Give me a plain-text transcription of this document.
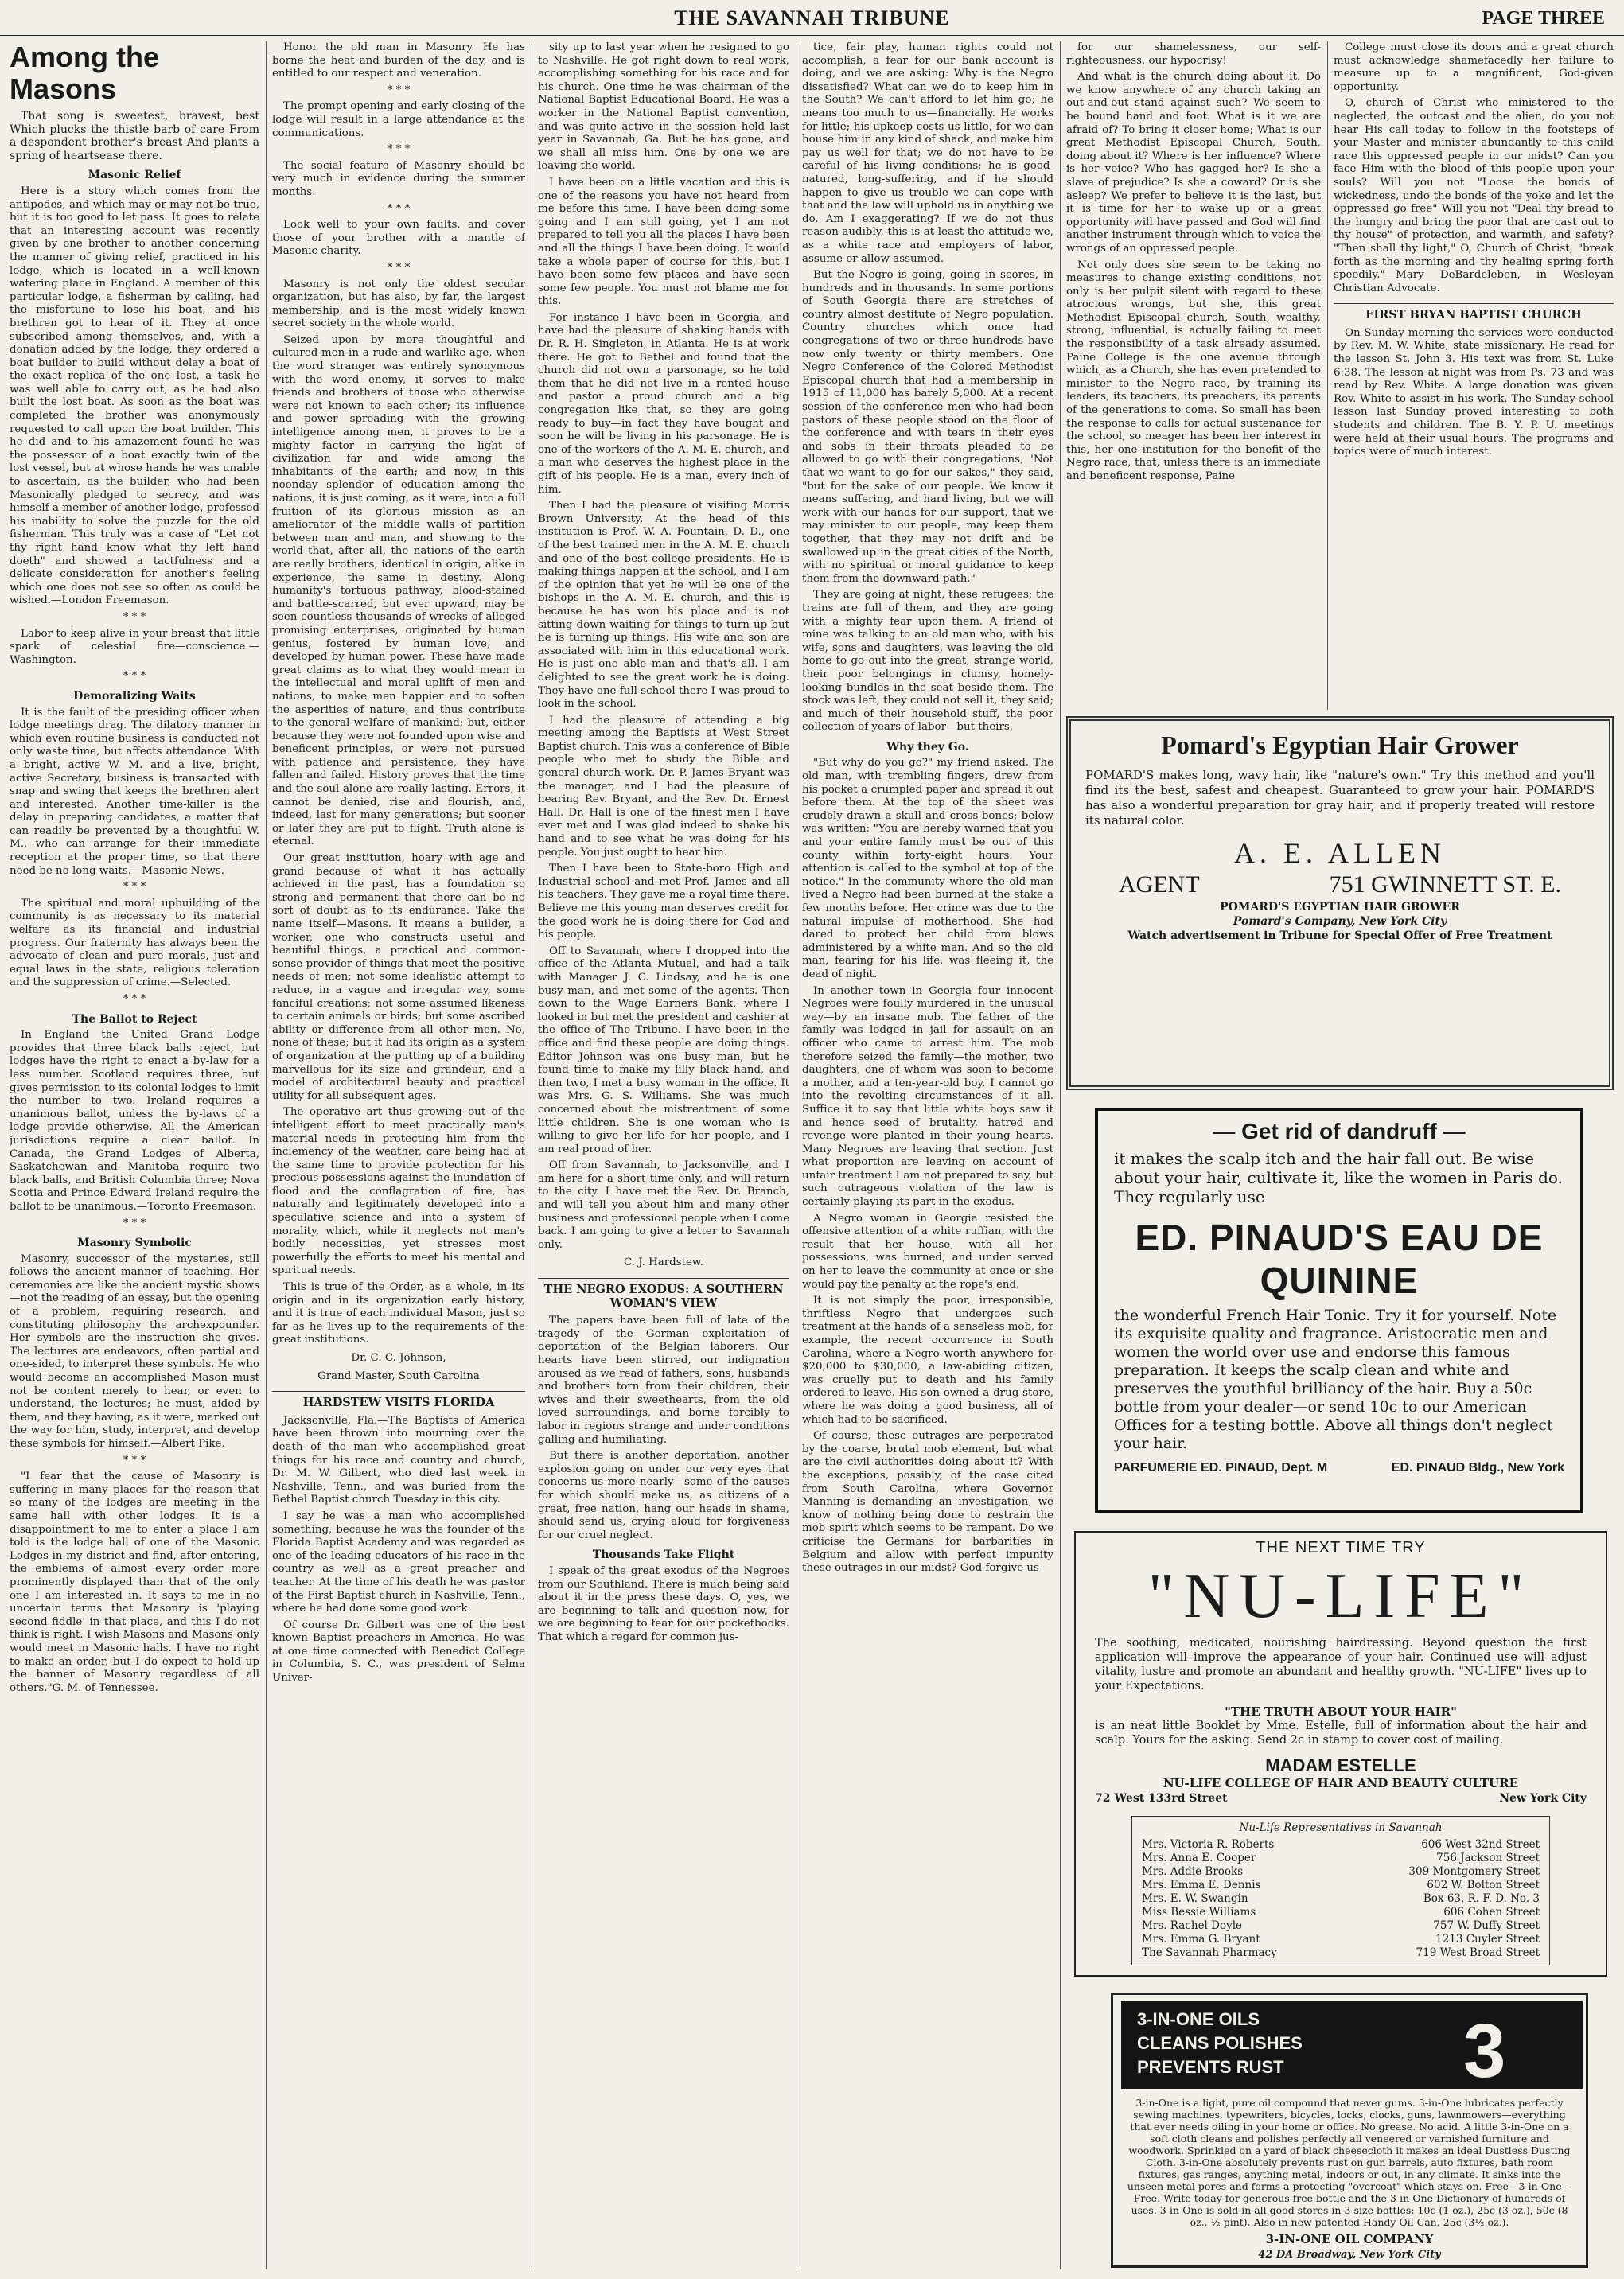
THE SAVANNAH TRIBUNE	PAGE THREE
Among the Masons

That song is sweetest, bravest, best Which plucks the thistle barb of care From a despondent brother's breast And plants a spring of heartsease there.

Masonic Relief

Here is a story which comes from the antipodes, and which may or may not be true, but it is too good to let pass. It goes to relate that an interesting account was recently given by one brother to another concerning the manner of giving relief, practiced in his lodge, which is located in a well-known watering place in England. A member of this particular lodge, a fisherman by calling, had the misfortune to lose his boat, and his brethren got to hear of it. They at once subscribed among themselves, and, with a donation added by the lodge, they ordered a boat builder to build without delay a boat of the exact replica of the one lost, a task he was well able to carry out, as he had also built the lost boat. As soon as the boat was completed the brother was anonymously requested to call upon the boat builder. This he did and to his amazement found he was the possessor of a boat exactly twin of the lost vessel, but at whose hands he was unable to ascertain, as the builder, who had been Masonically pledged to secrecy, and was himself a member of another lodge, professed his inability to solve the puzzle for the old fisherman. This truly was a case of "Let not thy right hand know what thy left hand doeth" and showed a tactfulness and a delicate consideration for another's feeling which one does not see so often as could be wished.—London Freemason.

* * *

Labor to keep alive in your breast that little spark of celestial fire—conscience.—Washington.

* * *
Demoralizing Waits

It is the fault of the presiding officer when lodge meetings drag. The dilatory manner in which even routine business is conducted not only waste time, but affects attendance. With a bright, active W. M. and a live, bright, active Secretary, business is transacted with snap and swing that keeps the brethren alert and interested. Another time-killer is the delay in preparing candidates, a matter that can readily be prevented by a thoughtful W. M., who can arrange for their immediate reception at the proper time, so that there need be no long waits.—Masonic News.

* * *

The spiritual and moral upbuilding of the community is as necessary to its material welfare as its financial and industrial progress. Our fraternity has always been the advocate of clean and pure morals, just and equal laws in the state, religious toleration and the suppression of crime.—Selected.

* * *
The Ballot to Reject

In England the United Grand Lodge provides that three black balls reject, but lodges have the right to enact a by-law for a less number. Scotland requires three, but gives permission to its colonial lodges to limit the number to two. Ireland requires a unanimous ballot, unless the by-laws of a lodge provide otherwise. All the American jurisdictions require a clear ballot. In Canada, the Grand Lodges of Alberta, Saskatchewan and Manitoba require two black balls, and British Columbia three; Nova Scotia and Prince Edward Ireland require the ballot to be unanimous.—Toronto Freemason.

* * *
Masonry Symbolic

Masonry, successor of the mysteries, still follows the ancient manner of teaching. Her ceremonies are like the ancient mystic shows—not the reading of an essay, but the opening of a problem, requiring research, and constituting philosophy the archexpounder. Her symbols are the instruction she gives. The lectures are endeavors, often partial and one-sided, to interpret these symbols. He who would become an accomplished Mason must not be content merely to hear, or even to understand, the lectures; he must, aided by them, and they having, as it were, marked out the way for him, study, interpret, and develop these symbols for himself.—Albert Pike.

* * *

"I fear that the cause of Masonry is suffering in many places for the reason that so many of the lodges are meeting in the same hall with other lodges. It is a disappointment to me to enter a place I am told is the lodge hall of one of the Masonic Lodges in my district and find, after entering, the emblems of almost every order more prominently displayed than that of the only one I am interested in. It says to me in no uncertain terms that Masonry is 'playing second fiddle' in that place, and this I do not think is right. I wish Masons and Masons only would meet in Masonic halls. I have no right to make an order, but I do expect to hold up the banner of Masonry regardless of all others."G. M. of Tennessee.

Honor the old man in Masonry. He has borne the heat and burden of the day, and is entitled to our respect and veneration.

* * *

The prompt opening and early closing of the lodge will result in a large attendance at the communications.

* * *

The social feature of Masonry should be very much in evidence during the summer months.

* * *

Look well to your own faults, and cover those of your brother with a mantle of Masonic charity.

* * *

Masonry is not only the oldest secular organization, but has also, by far, the largest membership, and is the most widely known secret society in the whole world.

Seized upon by more thoughtful and cultured men in a rude and warlike age, when the word stranger was entirely synonymous with the word enemy, it serves to make friends and brothers of those who otherwise were not known to each other; its influence and power spreading with the growing intelligence among men, it proves to be a mighty factor in carrying the light of civilization far and wide among the inhabitants of the earth; and now, in this noonday splendor of education among the nations, it is just coming, as it were, into a full fruition of its glorious mission as an ameliorator of the middle walls of partition between man and man, and showing to the world that, after all, the nations of the earth are really brothers, identical in origin, alike in experience, the same in destiny. Along humanity's tortuous pathway, blood-stained and battle-scarred, but ever upward, may be seen countless thousands of wrecks of alleged promising enterprises, originated by human genius, fostered by human love, and developed by human power. These have made great claims as to what they would mean in the intellectual and moral uplift of men and nations, to make men happier and to soften the asperities of nature, and thus contribute to the general welfare of mankind; but, either because they were not founded upon wise and beneficent principles, or were not pursued with patience and persistence, they have fallen and failed. History proves that the time and the soul alone are really lasting. Errors, it cannot be denied, rise and flourish, and, indeed, last for many generations; but sooner or later they are put to flight. Truth alone is eternal.

Our great institution, hoary with age and grand because of what it has actually achieved in the past, has a foundation so strong and permanent that there can be no sort of doubt as to its endurance. Take the name itself—Masons. It means a builder, a worker, one who constructs useful and beautiful things, a practical and common-sense provider of things that meet the positive needs of men; not some idealistic attempt to reduce, in a vague and irregular way, some fanciful creations; not some assumed likeness to certain animals or birds; but some ascribed ability or difference from all other men. No, none of these; but it had its origin as a system of organization at the putting up of a building marvellous for its size and grandeur, and a model of architectural beauty and practical utility for all subsequent ages.

The operative art thus growing out of the intelligent effort to meet practically man's material needs in protecting him from the inclemency of the weather, care being had at the same time to provide protection for his precious possessions against the inundation of flood and the conflagration of fire, has naturally and legitimately developed into a speculative science and into a system of morality, which, while it neglects not man's bodily necessities, yet stresses most powerfully the efforts to meet his mental and spiritual needs.

This is true of the Order, as a whole, in its origin and in its organization early history, and it is true of each individual Mason, just so far as he lives up to the requirements of the great institutions.

Dr. C. C. Johnson,
Grand Master, South Carolina
HARDSTEW VISITS FLORIDA

Jacksonville, Fla.—The Baptists of America have been thrown into mourning over the death of the man who accomplished great things for his race and country and church, Dr. M. W. Gilbert, who died last week in Nashville, Tenn., and was buried from the Bethel Baptist church Tuesday in this city.

I say he was a man who accomplished something, because he was the founder of the Florida Baptist Academy and was regarded as one of the leading educators of his race in the country as well as a great preacher and teacher. At the time of his death he was pastor of the First Baptist church in Nashville, Tenn., where he had done some good work.

Of course Dr. Gilbert was one of the best known Baptist preachers in America. He was at one time connected with Benedict College in Columbia, S. C., was president of Selma Univer-

sity up to last year when he resigned to go to Nashville. He got right down to real work, accomplishing something for his race and for his church. One time he was chairman of the National Baptist Educational Board. He was a worker in the National Baptist convention, and was quite active in the session held last year in Savannah, Ga. But he has gone, and we shall all miss him. One by one we are leaving the world.

I have been on a little vacation and this is one of the reasons you have not heard from me before this time. I have been doing some going and I am still going, yet I am not prepared to tell you all the places I have been and all the things I have been doing. It would take a whole paper of course for this, but I have been some few places and have seen some few people. You must not blame me for this.

For instance I have been in Georgia, and have had the pleasure of shaking hands with Dr. R. H. Singleton, in Atlanta. He is at work there. He got to Bethel and found that the church did not own a parsonage, so he told them that he did not live in a rented house and pastor a proud church and a big congregation like that, so they are going ready to buy—in fact they have bought and soon he will be living in his parsonage. He is one of the workers of the A. M. E. church, and a man who deserves the highest place in the gift of his people. He is a man, every inch of him.

Then I had the pleasure of visiting Morris Brown University. At the head of this institution is Prof. W. A. Fountain, D. D., one of the best trained men in the A. M. E. church and one of the best college presidents. He is making things happen at the school, and I am of the opinion that yet he will be one of the bishops in the A. M. E. church, and this is because he has won his place and is not sitting down waiting for things to turn up but he is turning up things. His wife and son are associated with him in this educational work. He is just one able man and that's all. I am delighted to see the great work he is doing. They have one full school there I was proud to look in the school.

I had the pleasure of attending a big meeting among the Baptists at West Street Baptist church. This was a conference of Bible people who met to study the Bible and general church work. Dr. P. James Bryant was the manager, and I had the pleasure of hearing Rev. Bryant, and the Rev. Dr. Ernest Hall. Dr. Hall is one of the finest men I have ever met and I was glad indeed to shake his hand and to see what he was doing for his people. You just ought to hear him.

Then I have been to State-boro High and Industrial school and met Prof. James and all his teachers. They gave me a royal time there. Believe me this young man deserves credit for the good work he is doing there for God and his people.

Off to Savannah, where I dropped into the office of the Atlanta Mutual, and had a talk with Manager J. C. Lindsay, and he is one busy man, and met some of the agents. Then down to the Wage Earners Bank, where I looked in but met the president and cashier at the office of The Tribune. I have been in the office and find these people are doing things. Editor Johnson was one busy man, but he found time to make my lilly black hand, and then two, I met a busy woman in the office. It was Mrs. G. S. Williams. She was much concerned about the mistreatment of some little children. She is one woman who is willing to give her life for her people, and I am real proud of her.

Off from Savannah, to Jacksonville, and I am here for a short time only, and will return to the city. I have met the Rev. Dr. Branch, and will tell you about him and many other business and professional people when I come back. I am going to give a letter to Savannah only.

C. J. Hardstew.
THE NEGRO EXODUS: A SOUTHERN WOMAN'S VIEW

The papers have been full of late of the tragedy of the German exploitation of deportation of the Belgian laborers. Our hearts have been stirred, our indignation aroused as we read of fathers, sons, husbands and brothers torn from their children, their wives and their sweethearts, from the old loved surroundings, and borne forcibly to labor in regions strange and under conditions galling and humiliating.

But there is another deportation, another explosion going on under our very eyes that concerns us more nearly—some of the causes for which should make us, as citizens of a great, free nation, hang our heads in shame, should send us, crying aloud for forgiveness for our cruel neglect.

Thousands Take Flight

I speak of the great exodus of the Negroes from our Southland. There is much being said about it in the press these days. O, yes, we are beginning to talk and question now, for we are beginning to fear for our pocketbooks. That which a regard for common jus-

tice, fair play, human rights could not accomplish, a fear for our bank account is doing, and we are asking: Why is the Negro dissatisfied? What can we do to keep him in the South? We can't afford to let him go; he means too much to us—financially. He works for little; his upkeep costs us little, for we can house him in any kind of shack, and make him pay us well for that; we do not have to be careful of his living conditions; he is good-natured, long-suffering, and if he should happen to give us trouble we can cope with that and the law will uphold us in anything we do. Am I exaggerating? If we do not thus reason audibly, this is at least the attitude we, as a white race and employers of labor, assume or allow assumed.

But the Negro is going, going in scores, in hundreds and in thousands. In some portions of South Georgia there are stretches of country almost destitute of Negro population. Country churches which once had congregations of two or three hundreds have now only twenty or thirty members. One Negro Conference of the Colored Methodist Episcopal church that had a membership in 1915 of 11,000 has barely 5,000. At a recent session of the conference men who had been pastors of these people stood on the floor of the conference and with tears in their eyes and sobs in their throats pleaded to be allowed to go with their congregations, "Not that we want to go for our sakes," they said, "but for the sake of our people. We know it means suffering, and hard living, but we will work with our hands for our support, that we may minister to our people, may keep them together, that they may not drift and be swallowed up in the great cities of the North, with no spiritual or moral guidance to keep them from the downward path."

They are going at night, these refugees; the trains are full of them, and they are going with a mighty fear upon them. A friend of mine was talking to an old man who, with his wife, sons and daughters, was leaving the old home to go out into the great, strange world, their poor belongings in clumsy, homely-looking bundles in the seat beside them. The stock was left, they could not sell it, they said; and much of their household stuff, the poor collection of years of labor—but theirs.

Why they Go.

"But why do you go?" my friend asked. The old man, with trembling fingers, drew from his pocket a crumpled paper and spread it out before them. At the top of the sheet was crudely drawn a skull and cross-bones; below was written: "You are hereby warned that you and your entire family must be out of this county within forty-eight hours. Your attention is called to the symbol at top of the notice." In the community where the old man lived a Negro had been burned at the stake a few months before. Her crime was due to the natural impulse of motherhood. She had dared to protect her child from blows administered by a white man. And so the old man, fearing for his life, was fleeing it, the dead of night.

In another town in Georgia four innocent Negroes were foully murdered in the unusual way—by an insane mob. The father of the family was lodged in jail for assault on an officer who came to arrest him. The mob therefore seized the family—the mother, two daughters, one of whom was soon to become a mother, and a ten-year-old boy. I cannot go into the revolting circumstances of it all. Suffice it to say that little white boys saw it and hence seed of brutality, hatred and revenge were planted in their young hearts. Many Negroes are leaving that section. Just what proportion are leaving on account of unfair treatment I am not prepared to say, but such outrageous violation of the law is certainly playing its part in the exodus.

A Negro woman in Georgia resisted the offensive attention of a white ruffian, with the result that her house, with all her possessions, was burned, and under served on her to leave the community at once or she would pay the penalty at the rope's end.

It is not simply the poor, irresponsible, thriftless Negro that undergoes such treatment at the hands of a senseless mob, for example, the recent occurrence in South Carolina, where a Negro worth anywhere for $20,000 to $30,000, a law-abiding citizen, was cruelly put to death and his family ordered to leave. His son owned a drug store, where he was doing a good business, all of which had to be sacrificed.

Of course, these outrages are perpetrated by the coarse, brutal mob element, but what are the civil authorities doing about it? With the exceptions, possibly, of the case cited from South Carolina, where Governor Manning is demanding an investigation, we know of nothing being done to restrain the mob spirit which seems to be rampant. Do we criticise the Germans for barbarities in Belgium and allow with perfect impunity these outrages in our midst? God forgive us

for our shamelessness, our self-righteousness, our hypocrisy!

And what is the church doing about it. Do we know anywhere of any church taking an out-and-out stand against such? We seem to be bound hand and foot. What is it we are afraid of? To bring it closer home; What is our great Methodist Episcopal Church, South, doing about it? Where is her influence? Where is her voice? Who has gagged her? Is she a slave of prejudice? Is she a coward? Or is she asleep? We prefer to believe it is the last, but it is time for her to wake up or a great opportunity will have passed and God will find another instrument through which to voice the wrongs of an oppressed people.

Not only does she seem to be taking no measures to change existing conditions, not only is her pulpit silent with regard to these atrocious wrongs, but she, this great Methodist Episcopal church, South, wealthy, strong, influential, is actually failing to meet the responsibility of a task already assumed. Paine College is the one avenue through which, as a Church, she has even pretended to minister to the Negro race, by training its leaders, its teachers, its preachers, its parents of the generations to come. So small has been the response to calls for actual sustenance for the school, so meager has been her interest in this, her one institution for the benefit of the Negro race, that, unless there is an immediate and beneficent response, Paine

College must close its doors and a great church must acknowledge shamefacedly her failure to measure up to a magnificent, God-given opportunity.

O, church of Christ who ministered to the neglected, the outcast and the alien, do you not hear His call today to follow in the footsteps of your Master and minister abundantly to this child race this oppressed people in our midst? Can you face Him with the blood of this people upon your souls? Will you not "Loose the bonds of wickedness, undo the bonds of the yoke and let the oppressed go free" Will you not "Deal thy bread to the hungry and bring the poor that are cast out to thy house" of protection, and warmth, and safety? "Then shall thy light," O, Church of Christ, "break forth as the morning and thy healing spring forth speedily."—Mary DeBardeleben, in Wesleyan Christian Advocate.

FIRST BRYAN BAPTIST CHURCH

On Sunday morning the services were conducted by Rev. M. W. White, state missionary. He read for the lesson St. John 3. His text was from St. Luke 6:38. The lesson at night was from Ps. 73 and was read by Rev. White. A large donation was given Rev. White to assist in his work. The Sunday school lesson last Sunday proved interesting to both students and children. The B. Y. P. U. meetings were held at their usual hours. The programs and topics were of much interest.

Pomard's Egyptian Hair Grower
POMARD'S makes long, wavy hair, like "nature's own." Try this method and you'll find its the best, safest and cheapest. Guaranteed to grow your hair. POMARD'S has also a wonderful preparation for gray hair, and if properly treated will restore its natural color.
A. E. ALLEN
AGENT	751 GWINNETT ST. E.
POMARD'S EGYPTIAN HAIR GROWER
Pomard's Company, New York City
Watch advertisement in Tribune for Special Offer of Free Treatment
— Get rid of dandruff —
it makes the scalp itch and the hair fall out. Be wise about your hair, cultivate it, like the women in Paris do. They regularly use
ED. PINAUD'S EAU DE QUININE
the wonderful French Hair Tonic. Try it for yourself. Note its exquisite quality and fragrance. Aristocratic men and women the world over use and endorse this famous preparation. It keeps the scalp clean and white and preserves the youthful brilliancy of the hair. Buy a 50c bottle from your dealer—or send 10c to our American Offices for a testing bottle. Above all things don't neglect your hair.
PARFUMERIE ED. PINAUD, Dept. M	ED. PINAUD Bldg., New York
THE NEXT TIME TRY
"NU-LIFE"
The soothing, medicated, nourishing hairdressing. Beyond question the first application will improve the appearance of your hair. Continued use will adjust vitality, lustre and promote an abundant and healthy growth. "NU-LIFE" lives up to your Expectations.
"THE TRUTH ABOUT YOUR HAIR"
is an neat little Booklet by Mme. Estelle, full of information about the hair and scalp. Yours for the asking. Send 2c in stamp to cover cost of mailing.
MADAM ESTELLE
NU-LIFE COLLEGE OF HAIR AND BEAUTY CULTURE
72 West 133rd Street	New York City
Nu-Life Representatives in Savannah
Mrs. Victoria R. Roberts	606 West 32nd Street
Mrs. Anna E. Cooper	756 Jackson Street
Mrs. Addie Brooks	309 Montgomery Street
Mrs. Emma E. Dennis	602 W. Bolton Street
Mrs. E. W. Swangin	Box 63, R. F. D. No. 3
Miss Bessie Williams	606 Cohen Street
Mrs. Rachel Doyle	757 W. Duffy Street
Mrs. Emma G. Bryant	1213 Cuyler Street
The Savannah Pharmacy	719 West Broad Street
3-IN-ONE OILS
CLEANS POLISHES
PREVENTS RUST 3
3-in-One is a light, pure oil compound that never gums. 3-in-One lubricates perfectly sewing machines, typewriters, bicycles, locks, clocks, guns, lawnmowers—everything that ever needs oiling in your home or office. No grease. No acid. A little 3-in-One on a soft cloth cleans and polishes perfectly all veneered or varnished furniture and woodwork. Sprinkled on a yard of black cheesecloth it makes an ideal Dustless Dusting Cloth. 3-in-One absolutely prevents rust on gun barrels, auto fixtures, bath room fixtures, gas ranges, anything metal, indoors or out, in any climate. It sinks into the unseen metal pores and forms a protecting "overcoat" which stays on. Free—3-in-One—Free. Write today for generous free bottle and the 3-in-One Dictionary of hundreds of uses. 3-in-One is sold in all good stores in 3-size bottles: 10c (1 oz.), 25c (3 oz.), 50c (8 oz., ½ pint). Also in new patented Handy Oil Can, 25c (3½ oz.).
3-IN-ONE OIL COMPANY
42 DA Broadway, New York City
